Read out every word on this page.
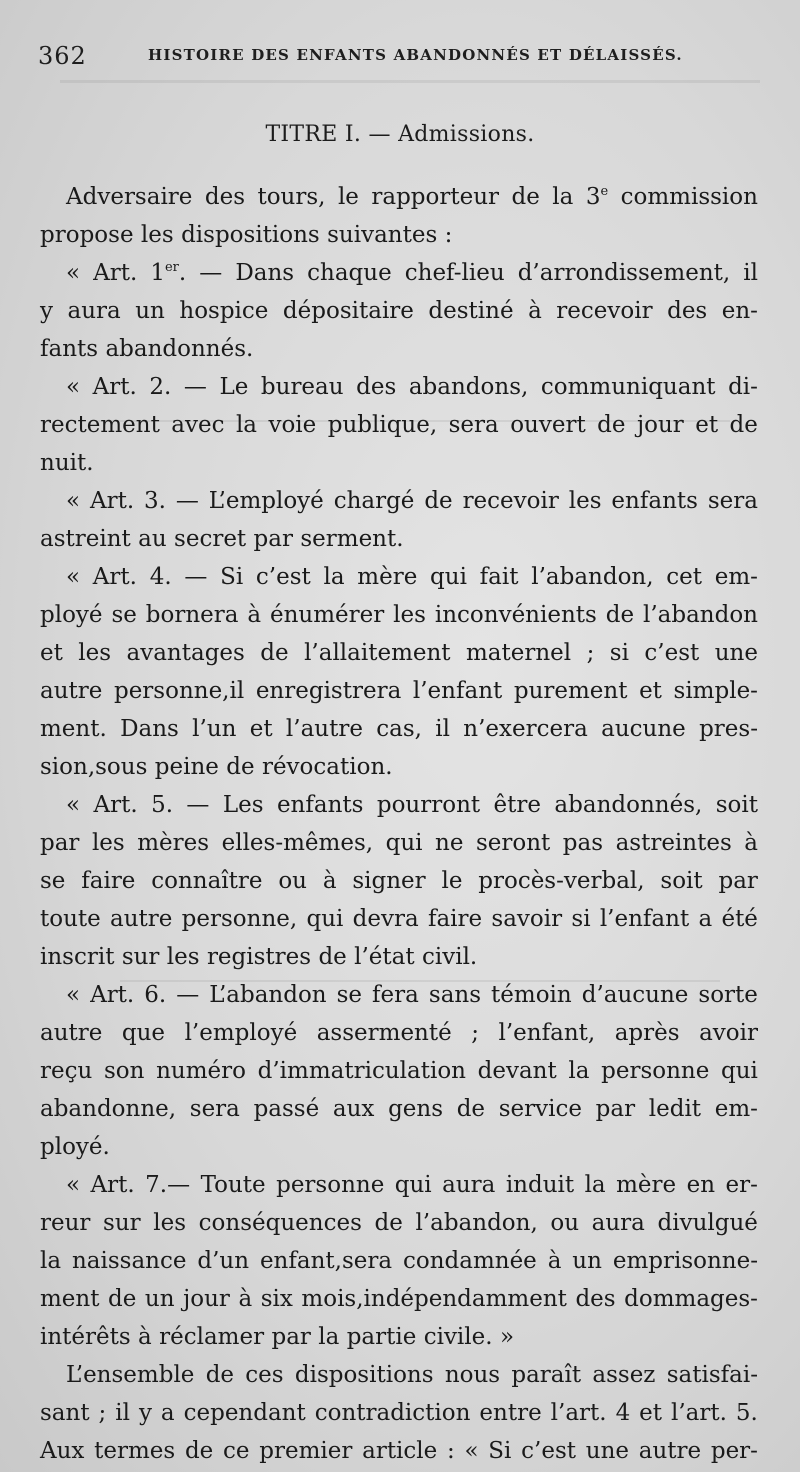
362	HISTOIRE DES ENFANTS ABANDONNÉS ET DÉLAISSÉS.
TITRE I. — Admissions.
Adversaire des tours, le rapporteur de la 3e commission
propose les dispositions suivantes :
« Art. 1er. — Dans chaque chef-lieu d’arrondissement, il
y aura un hospice dépositaire destiné à recevoir des en-
fants abandonnés.
« Art. 2. — Le bureau des abandons, communiquant di-
rectement avec la voie publique, sera ouvert de jour et de
nuit.
« Art. 3. — L’employé chargé de recevoir les enfants sera
astreint au secret par serment.
« Art. 4. — Si c’est la mère qui fait l’abandon, cet em-
ployé se bornera à énumérer les inconvénients de l’abandon
et les avantages de l’allaitement maternel ; si c’est une
autre personne,il enregistrera l’enfant purement et simple-
ment. Dans l’un et l’autre cas, il n’exercera aucune pres-
sion,sous peine de révocation.
« Art. 5. — Les enfants pourront être abandonnés, soit
par les mères elles-mêmes, qui ne seront pas astreintes à
se faire connaître ou à signer le procès-verbal, soit par
toute autre personne, qui devra faire savoir si l’enfant a été
inscrit sur les registres de l’état civil.
« Art. 6. — L’abandon se fera sans témoin d’aucune sorte
autre que l’employé assermenté ; l’enfant, après avoir
reçu son numéro d’immatriculation devant la personne qui
abandonne, sera passé aux gens de service par ledit em-
ployé.
« Art. 7.— Toute personne qui aura induit la mère en er-
reur sur les conséquences de l’abandon, ou aura divulgué
la naissance d’un enfant,sera condamnée à un emprisonne-
ment de un jour à six mois,indépendamment des dommages-
intérêts à réclamer par la partie civile. »
L’ensemble de ces dispositions nous paraît assez satisfai-
sant ; il y a cependant contradiction entre l’art. 4 et l’art. 5.
Aux termes de ce premier article : « Si c’est une autre per-
